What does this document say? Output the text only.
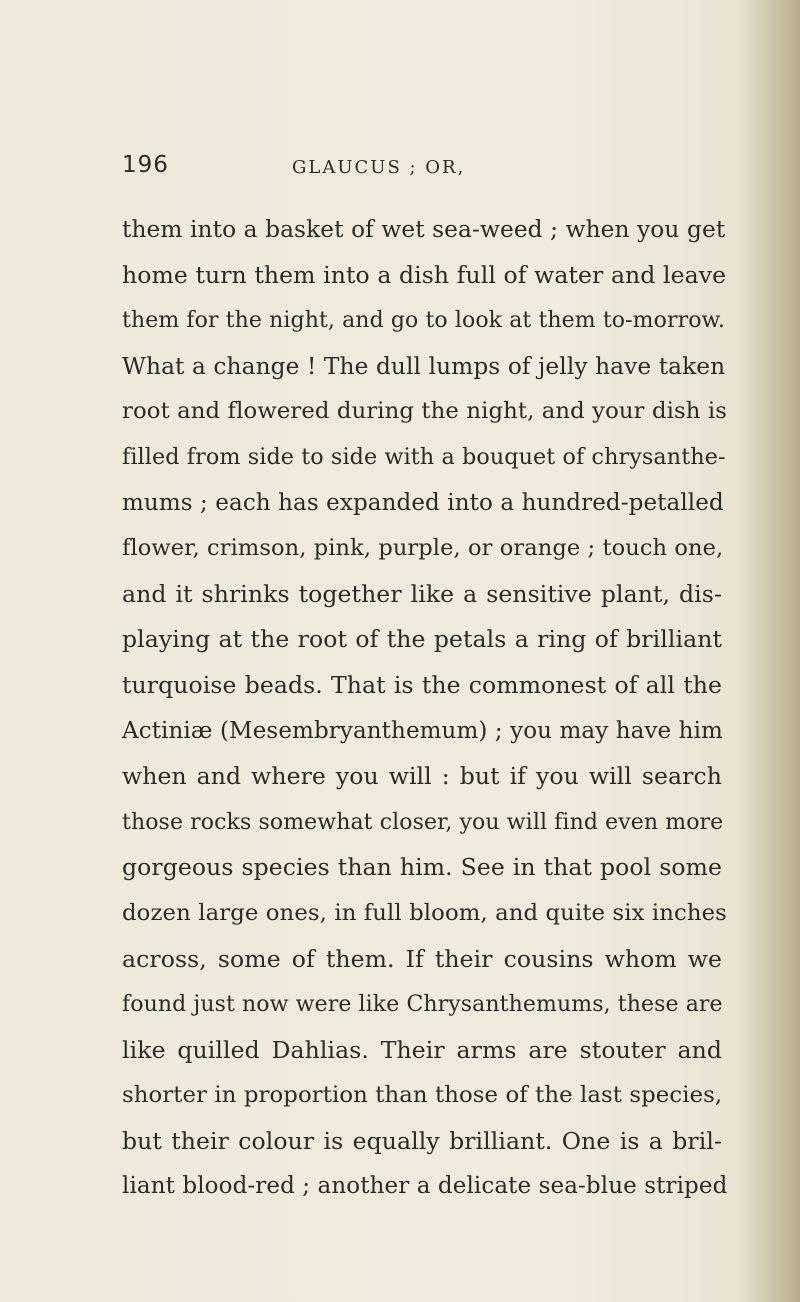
196	GLAUCUS ; OR,
them into a basket of wet sea-weed ; when you get
home turn them into a dish full of water and leave
them for the night, and go to look at them to-morrow.
What a change ! The dull lumps of jelly have taken
root and flowered during the night, and your dish is
filled from side to side with a bouquet of chrysanthe-
mums ; each has expanded into a hundred-petalled
flower, crimson, pink, purple, or orange ; touch one,
and it shrinks together like a sensitive plant, dis-
playing at the root of the petals a ring of brilliant
turquoise beads. That is the commonest of all the
Actiniæ (Mesembryanthemum) ; you may have him
when and where you will : but if you will search
those rocks somewhat closer, you will find even more
gorgeous species than him. See in that pool some
dozen large ones, in full bloom, and quite six inches
across, some of them. If their cousins whom we
found just now were like Chrysanthemums, these are
like quilled Dahlias. Their arms are stouter and
shorter in proportion than those of the last species,
but their colour is equally brilliant. One is a bril-
liant blood-red ; another a delicate sea-blue striped
